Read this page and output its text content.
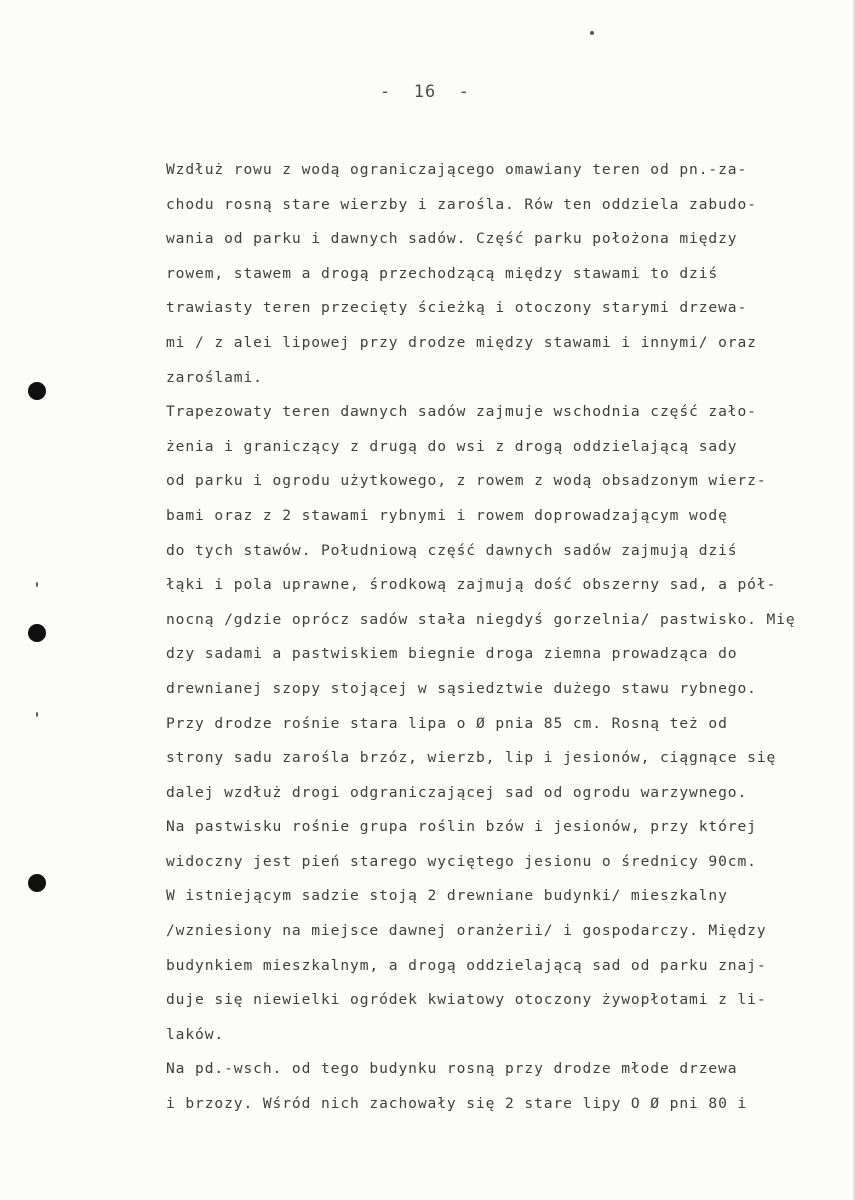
-  16  -
Wzdłuż rowu z wodą ograniczającego omawiany teren od pn.-za-
chodu rosną stare wierzby i zarośla. Rów ten oddziela zabudo-
wania od parku i dawnych sadów. Część parku położona między
rowem, stawem a drogą przechodzącą między stawami to dziś
trawiasty teren przecięty ścieżką i otoczony starymi drzewa-
mi / z alei lipowej przy drodze między stawami i innymi/ oraz
zaroślami.
Trapezowaty teren dawnych sadów zajmuje wschodnia część zało-
żenia i graniczący z drugą do wsi z drogą oddzielającą sady
od parku i ogrodu użytkowego, z rowem z wodą obsadzonym wierz-
bami oraz z 2 stawami rybnymi i rowem doprowadzającym wodę
do tych stawów. Południową część dawnych sadów zajmują dziś
łąki i pola uprawne, środkową zajmują dość obszerny sad, a pół-
nocną /gdzie oprócz sadów stała niegdyś gorzelnia/ pastwisko. Mię
dzy sadami a pastwiskiem biegnie droga ziemna prowadząca do
drewnianej szopy stojącej w sąsiedztwie dużego stawu rybnego.
Przy drodze rośnie stara lipa o Ø pnia 85 cm. Rosną też od
strony sadu zarośla brzóz, wierzb, lip i jesionów, ciągnące się
dalej wzdłuż drogi odgraniczającej sad od ogrodu warzywnego.
Na pastwisku rośnie grupa roślin bzów i jesionów, przy której
widoczny jest pień starego wyciętego jesionu o średnicy 90cm.
W istniejącym sadzie stoją 2 drewniane budynki/ mieszkalny
/wzniesiony na miejsce dawnej oranżerii/ i gospodarczy. Między
budynkiem mieszkalnym, a drogą oddzielającą sad od parku znaj-
duje się niewielki ogródek kwiatowy otoczony żywopłotami z li-
laków.
Na pd.-wsch. od tego budynku rosną przy drodze młode drzewa
i brzozy. Wśród nich zachowały się 2 stare lipy O Ø pni 80 i
